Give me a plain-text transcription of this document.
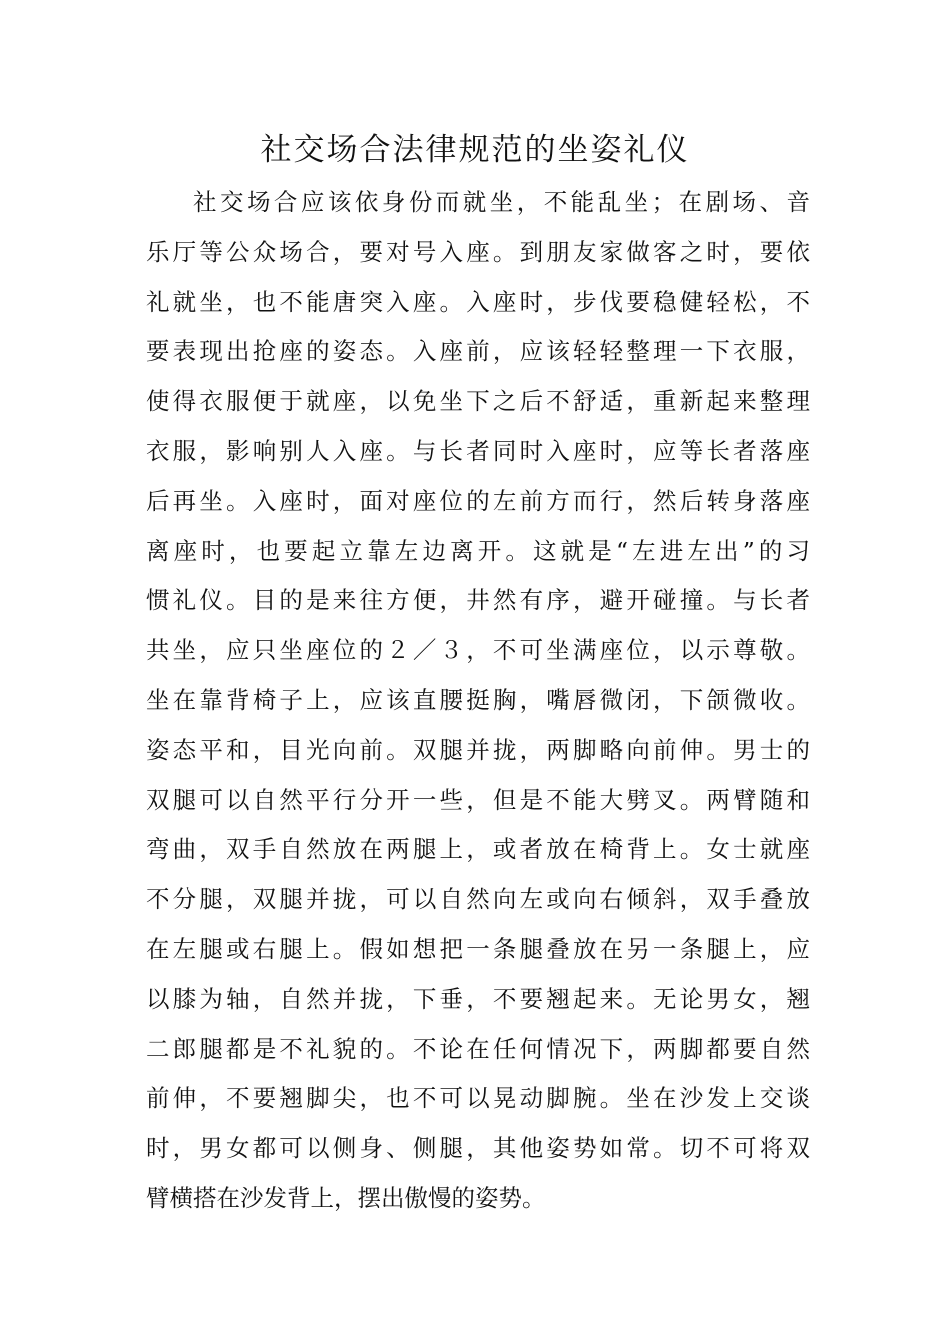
社交场合法律规范的坐姿礼仪
社交场合应该依身份而就坐，不能乱坐；在剧场、音
乐厅等公众场合，要对号入座。到朋友家做客之时，要依
礼就坐，也不能唐突入座。入座时，步伐要稳健轻松，不
要表现出抢座的姿态。入座前，应该轻轻整理一下衣服，
使得衣服便于就座，以免坐下之后不舒适，重新起来整理
衣服，影响别人入座。与长者同时入座时，应等长者落座
后再坐。入座时，面对座位的左前方而行，然后转身落座
离座时，也要起立靠左边离开。这就是“左进左出”的习
惯礼仪。目的是来往方便，井然有序，避开碰撞。与长者
共坐，应只坐座位的２／３，不可坐满座位，以示尊敬。
坐在靠背椅子上，应该直腰挺胸，嘴唇微闭，下颌微收。
姿态平和，目光向前。双腿并拢，两脚略向前伸。男士的
双腿可以自然平行分开一些，但是不能大劈叉。两臂随和
弯曲，双手自然放在两腿上，或者放在椅背上。女士就座
不分腿，双腿并拢，可以自然向左或向右倾斜，双手叠放
在左腿或右腿上。假如想把一条腿叠放在另一条腿上，应
以膝为轴，自然并拢，下垂，不要翘起来。无论男女，翘
二郎腿都是不礼貌的。不论在任何情况下，两脚都要自然
前伸，不要翘脚尖，也不可以晃动脚腕。坐在沙发上交谈
时，男女都可以侧身、侧腿，其他姿势如常。切不可将双
臂横搭在沙发背上，摆出傲慢的姿势。
